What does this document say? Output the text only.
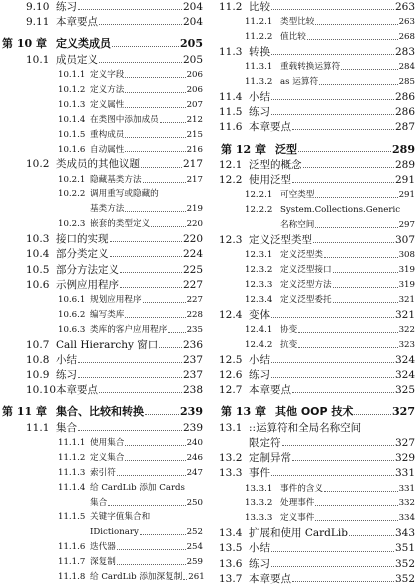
9.10 练习	204
9.11 本章要点	204
第 10 章 定义类成员	205
10.1 成员定义	205
10.1.1 定义字段	206
10.1.2 定义方法	206
10.1.3 定义属性	207
10.1.4 在类图中添加成员	212
10.1.5 重构成员	215
10.1.6 自动属性	216
10.2 类成员的其他议题	217
10.2.1 隐藏基类方法	217
10.2.2 调用重写或隐藏的
基类方法	219
10.2.3 嵌套的类型定义	220
10.3 接口的实现	220
10.4 部分类定义	224
10.5 部分方法定义	225
10.6 示例应用程序	227
10.6.1 规划应用程序	227
10.6.2 编写类库	228
10.6.3 类库的客户应用程序 235
10.7 Call Hierarchy 窗口 236
10.8 小结	237
10.9 练习	237
10.10 本章要点	238
第 11 章 集合、比较和转换	239
11.1 集合	239
11.1.1 使用集合	240
11.1.2 定义集合	246
11.1.3 索引符	247
11.1.4 给 CardLib 添加 Cards
集合	250
11.1.5 关键字值集合和
IDictionary	252
11.1.6 迭代器	254
11.1.7 深复制	259
11.1.8 给 CardLib 添加深复制 261
11.2 比较	263
11.2.1 类型比较	263
11.2.2 值比较	268
11.3 转换	283
11.3.1 重载转换运算符	284
11.3.2 as 运算符	285
11.4 小结	286
11.5 练习	286
11.6 本章要点	287
第 12 章 泛型	289
12.1 泛型的概念	289
12.2 使用泛型	291
12.2.1 可空类型	291
12.2.2 System.Collections.Generic
名称空间	297
12.3 定义泛型类型	307
12.3.1 定义泛型类	308
12.3.2 定义泛型接口	319
12.3.3 定义泛型方法	319
12.3.4 定义泛型委托	321
12.4 变体	321
12.4.1 协变	322
12.4.2 抗变	323
12.5 小结	324
12.6 练习	324
12.7 本章要点	325
第 13 章 其他 OOP 技术	327
13.1 ::运算符和全局名称空间
限定符	327
13.2 定制异常	329
13.3 事件	331
13.3.1 事件的含义	331
13.3.2 处理事件	332
13.3.3 定义事件	334
13.4 扩展和使用 CardLib	343
13.5 小结	351
13.6 练习	352
13.7 本章要点	352
